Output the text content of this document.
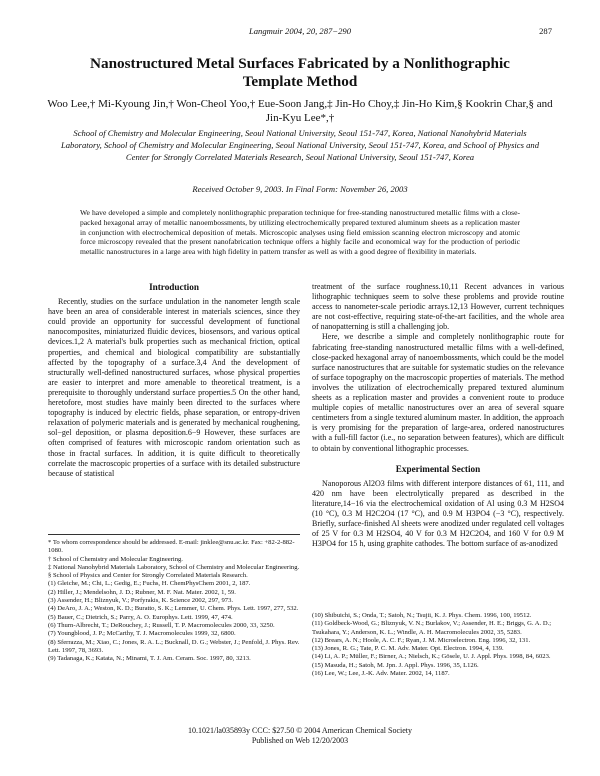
Langmuir 2004, 20, 287−290	287
Nanostructured Metal Surfaces Fabricated by a Nonlithographic Template Method
Woo Lee,† Mi-Kyoung Jin,† Won-Cheol Yoo,† Eue-Soon Jang,‡ Jin-Ho Choy,‡ Jin-Ho Kim,§ Kookrin Char,§ and Jin-Kyu Lee*,†
School of Chemistry and Molecular Engineering, Seoul National University, Seoul 151-747, Korea, National Nanohybrid Materials Laboratory, School of Chemistry and Molecular Engineering, Seoul National University, Seoul 151-747, Korea, and School of Physics and Center for Strongly Correlated Materials Research, Seoul National University, Seoul 151-747, Korea
Received October 9, 2003. In Final Form: November 26, 2003
We have developed a simple and completely nonlithographic preparation technique for free-standing nanostructured metallic films with a close-packed hexagonal array of metallic nanoembossments, by utilizing electrochemically prepared textured aluminum sheets as a replication master in conjunction with electrochemical deposition of metals. Microscopic analyses using field emission scanning electron microscopy and atomic force microscopy revealed that the present nanofabrication technique offers a highly facile and economical way for the production of periodic metallic nanostructures in a large area with high fidelity in pattern transfer as well as with a good degree of flexibility in materials.
Introduction

Recently, studies on the surface undulation in the nanometer length scale have been an area of considerable interest in materials sciences, since they could provide an opportunity for successful development of functional nanocomposites, miniaturized fluidic devices, biosensors, and various optical devices.1,2 A material's bulk properties such as mechanical friction, optical properties, and chemical and biological compatibility are substantially affected by the topography of a surface.3,4 And the development of structurally well-defined nanostructured surfaces, whose physical properties are easier to interpret and more amenable to theoretical treatment, is a prerequisite to thoroughly understand surface properties.5 On the other hand, heretofore, most studies have mainly been directed to the surfaces where topography is induced by electric fields, phase separation, or entropy-driven relaxation of polymeric materials and is generated by mechanical roughening, sol−gel deposition, or plasma deposition.6−9 However, these surfaces are often comprised of features with microscopic random orientation such as those in fractal surfaces. In addition, it is quite difficult to theoretically correlate the macroscopic properties of a surface with its detailed substructure because of statistical

treatment of the surface roughness.10,11 Recent advances in various lithographic techniques seem to solve these problems and provide routine access to nanometer-scale periodic arrays.12,13 However, current techniques are not cost-effective, requiring state-of-the-art facilities, and the whole area of nanopatterning is still a challenging job.

Here, we describe a simple and completely nonlithographic route for fabricating free-standing nanostructured metallic films with a well-defined, close-packed hexagonal array of nanoembossments, which could be the model surface nanostructures that are suitable for systematic studies on the relevance of surface topography on the macroscopic properties of materials. The method involves the utilization of electrochemically prepared textured aluminum sheets as a replication master and provides a convenient route to produce multiple copies of metallic nanostructures over an area of several square centimeters from a single textured aluminum master. In addition, the approach is very promising for the preparation of large-area, ordered nanostructures with a full-fill factor (i.e., no separation between features), which are difficult to obtain by conventional lithographic processes.

Experimental Section

Nanoporous Al2O3 films with different interpore distances of 61, 111, and 420 nm have been electrolytically prepared as described in the literature,14−16 via the electrochemical oxidation of Al using 0.3 M H2SO4 (10 °C), 0.3 M H2C2O4 (17 °C), and 0.9 M H3PO4 (−3 °C), respectively. Briefly, surface-finished Al sheets were anodized under regulated cell voltages of 25 V for 0.3 M H2SO4, 40 V for 0.3 M H2C2O4, and 160 V for 0.9 M H3PO4 for 15 h, using graphite cathodes. The bottom surface of as-anodized

* To whom correspondence should be addressed. E-mail: jinklee@snu.ac.kr. Fax: +82-2-882-1080.
† School of Chemistry and Molecular Engineering.
‡ National Nanohybrid Materials Laboratory, School of Chemistry and Molecular Engineering.
§ School of Physics and Center for Strongly Correlated Materials Research.
(1) Gleiche, M.; Chi, L.; Gedig, E.; Fuchs, H. ChemPhysChem 2001, 2, 187.
(2) Hiller, J.; Mendelsohn, J. D.; Rubner, M. F. Nat. Mater. 2002, 1, 59.
(3) Assender, H.; Bliznyuk, V.; Porfyrakis, K. Science 2002, 297, 973.
(4) DeAro, J. A.; Weston, K. D.; Buratto, S. K.; Lemmer, U. Chem. Phys. Lett. 1997, 277, 532.
(5) Bauer, C.; Dietrich, S.; Parry, A. O. Europhys. Lett. 1999, 47, 474.
(6) Thurn-Albrecht, T.; DeRouchey, J.; Russell, T. P. Macromolecules 2000, 33, 3250.
(7) Youngblood, J. P.; McCarthy, T. J. Macromolecules 1999, 32, 6800.
(8) Sferrazza, M.; Xiao, C.; Jones, R. A. L.; Bucknall, D. G.; Webster, J.; Penfold, J. Phys. Rev. Lett. 1997, 78, 3693.
(9) Tadanaga, K.; Katata, N.; Minami, T. J. Am. Ceram. Soc. 1997, 80, 3213.
(10) Shibuichi, S.; Onda, T.; Satoh, N.; Tsujii, K. J. Phys. Chem. 1996, 100, 19512.
(11) Goldbeck-Wood, G.; Bliznyuk, V. N.; Burlakov, V.; Assender, H. E.; Briggs, G. A. D.; Tsukahara, Y.; Anderson, K. L.; Windle, A. H. Macromolecules 2002, 35, 5283.
(12) Brears, A. N.; Hoole, A. C. F.; Ryan, J. M. Microelectron. Eng. 1996, 32, 131.
(13) Jones, R. G.; Tate, P. C. M. Adv. Mater. Opt. Electron. 1994, 4, 139.
(14) Li, A. P.; Müller, F.; Birner, A.; Nielsch, K.; Gösele, U. J. Appl. Phys. 1998, 84, 6023.
(15) Masuda, H.; Satoh, M. Jpn. J. Appl. Phys. 1996, 35, L126.
(16) Lee, W.; Lee, J.-K. Adv. Mater. 2002, 14, 1187.
10.1021/la035893y CCC: $27.50 © 2004 American Chemical Society
Published on Web 12/20/2003
